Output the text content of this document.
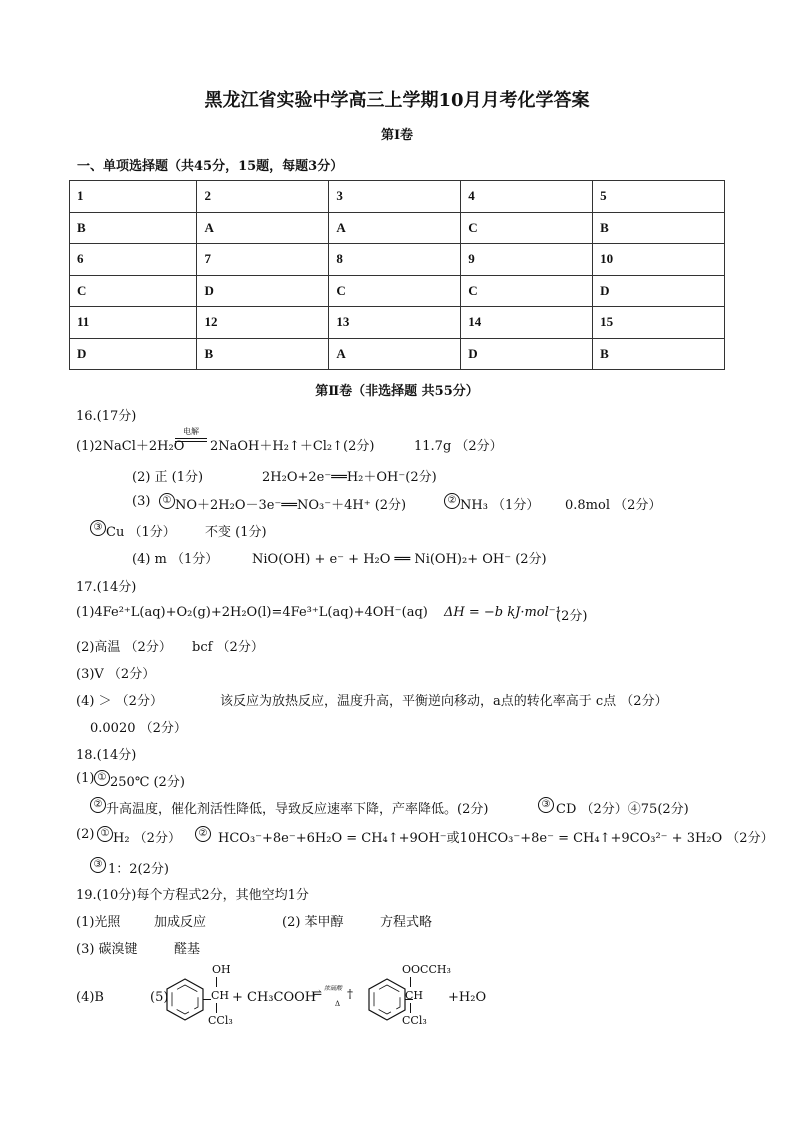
黑龙江省实验中学高三上学期10月月考化学答案
第Ⅰ卷
一、单项选择题（共45分，15题，每题3分）
1	2	3	4	5
B	A	A	C	B
6	7	8	9	10
C	D	C	C	D
11	12	13	14	15
D	B	A	D	B
第Ⅱ卷（非选择题 共55分）
16.(17分)
(1)2NaCl＋2H₂O
电解
2NaOH＋H₂↑＋Cl₂↑(2分)	11.7g （2分）
(2) 正 (1分)	2H₂O+2e⁻══H₂＋OH⁻(2分)
(3)	① NO＋2H₂O－3e⁻══NO₃⁻＋4H⁺ (2分)	② NH₃ （1分） 0.8mol （2分）
③ Cu （1分） 不变 (1分)
(4) m （1分）	NiO(OH) + e⁻ + H₂O ══ Ni(OH)₂+ OH⁻ (2分)
17.(14分)
(1)4Fe²⁺L(aq)+O₂(g)+2H₂O(l)=4Fe³⁺L(aq)+4OH⁻(aq) ΔH = −b kJ·mol⁻¹
(2分)
(2)高温 （2分） bcf （2分）
(3)V （2分）
(4) ＞ （2分）	该反应为放热反应，温度升高，平衡逆向移动，a点的转化率高于 c点 （2分）
0.0020 （2分）
18.(14分)
(1) ① 250℃ (2分)
② 升高温度，催化剂活性降低，导致反应速率下降，产率降低。(2分)	③ CD （2分）④75(2分)
(2) ① H₂ （2分）	② HCO₃⁻+8e⁻+6H₂O = CH₄↑+9OH⁻或10HCO₃⁻+8e⁻ = CH₄↑+9CO₃²⁻ + 3H₂O （2分）
③ 1：2(2分)
19.(10分)每个方程式2分，其他空均1分
(1)光照	加成反应	(2) 苯甲醇	方程式略
(3) 碳溴键	醛基
(4)B	(5)
OH
CH
CCl₃
+ CH₃COOH
⇌ 浓硫酸
Δ
†
OOCCH₃
CH
CCl₃
+H₂O
